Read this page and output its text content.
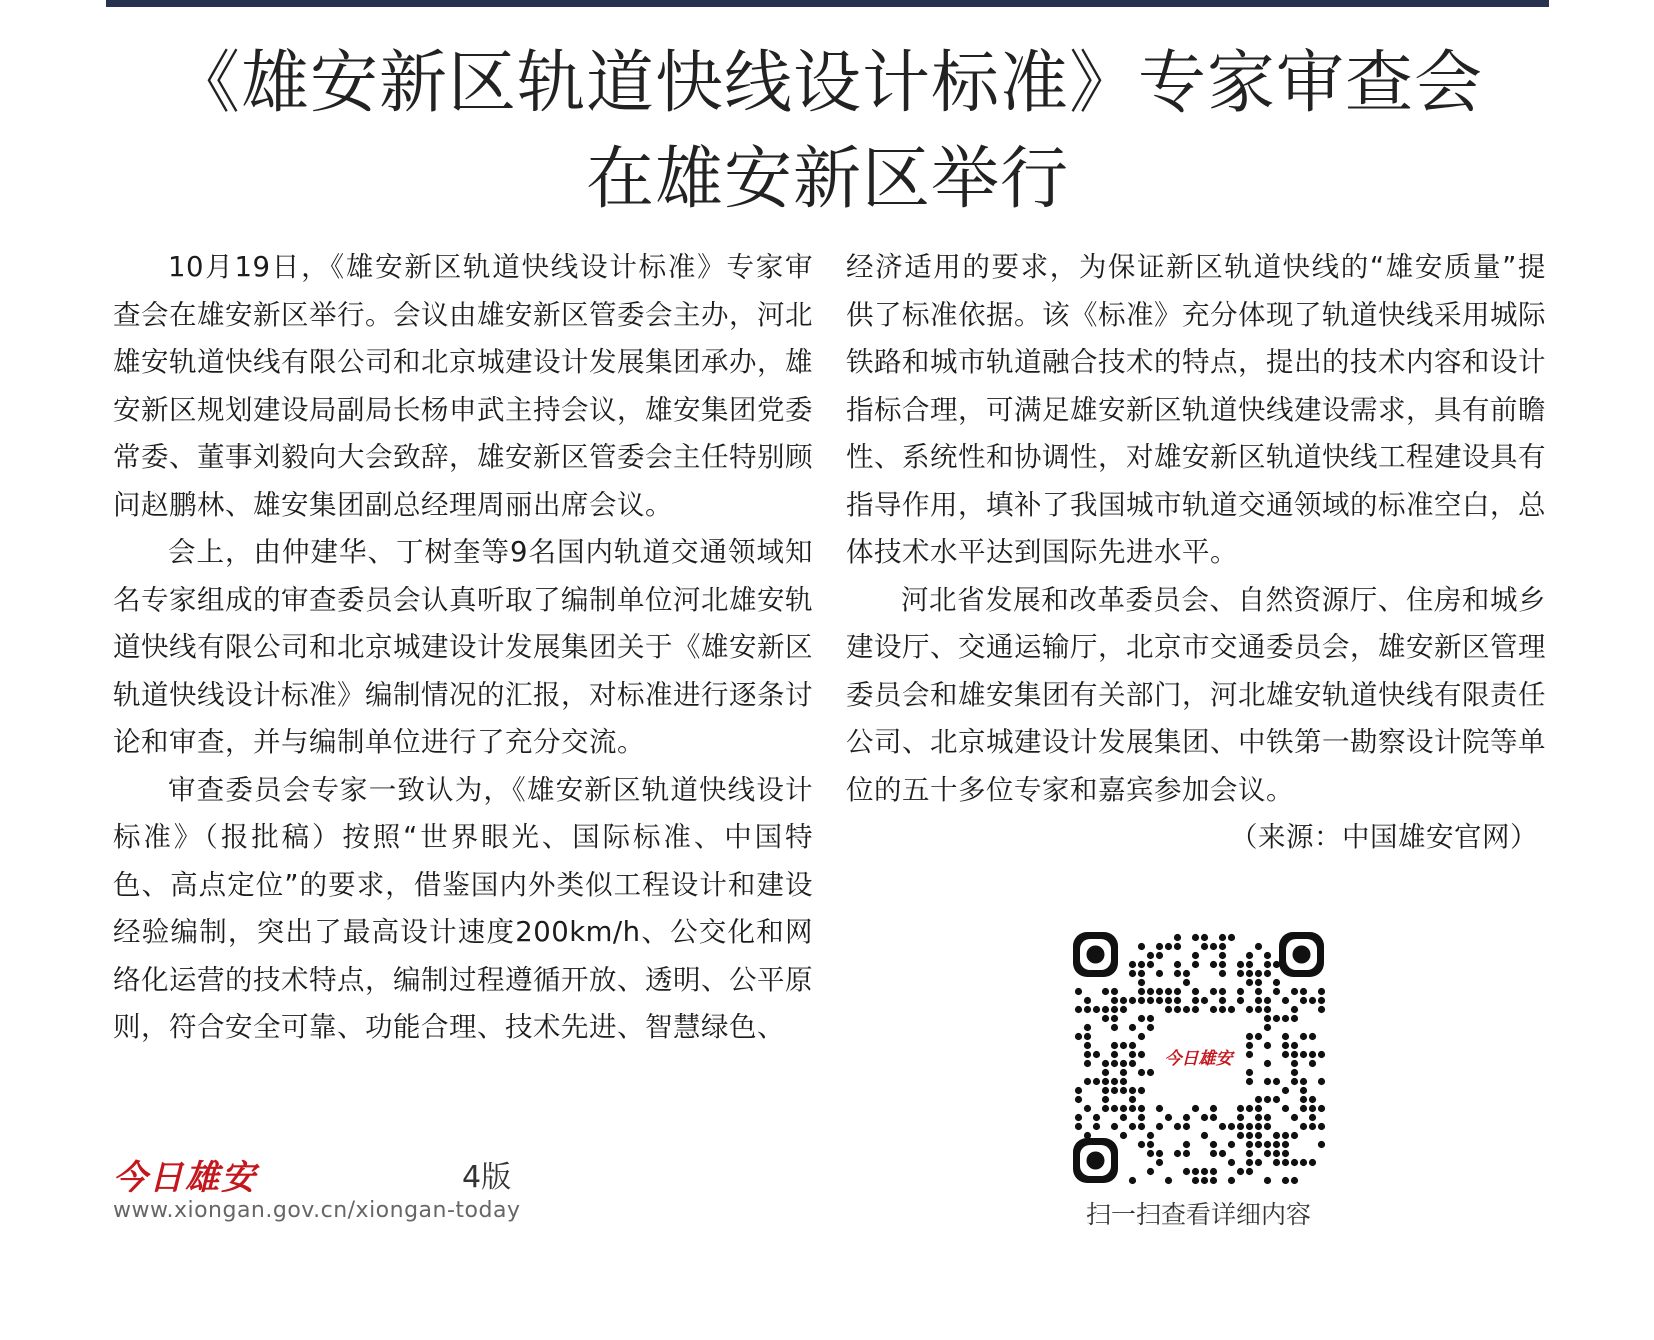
《雄安新区轨道快线设计标准》专家审查会
在雄安新区举行

10月19日，《雄安新区轨道快线设计标准》专家审查会在雄安新区举行。会议由雄安新区管委会主办，河北雄安轨道快线有限公司和北京城建设计发展集团承办，雄安新区规划建设局副局长杨申武主持会议，雄安集团党委常委、董事刘毅向大会致辞，雄安新区管委会主任特别顾问赵鹏林、雄安集团副总经理周丽出席会议。

会上，由仲建华、丁树奎等9名国内轨道交通领域知名专家组成的审查委员会认真听取了编制单位河北雄安轨道快线有限公司和北京城建设计发展集团关于《雄安新区轨道快线设计标准》编制情况的汇报，对标准进行逐条讨论和审查，并与编制单位进行了充分交流。

审查委员会专家一致认为，《雄安新区轨道快线设计标准》（报批稿）按照“世界眼光、国际标准、中国特色、高点定位”的要求，借鉴国内外类似工程设计和建设经验编制，突出了最高设计速度200km/h、公交化和网络化运营的技术特点，编制过程遵循开放、透明、公平原则，符合安全可靠、功能合理、技术先进、智慧绿色、

经济适用的要求，为保证新区轨道快线的“雄安质量”提供了标准依据。该《标准》充分体现了轨道快线采用城际铁路和城市轨道融合技术的特点，提出的技术内容和设计指标合理，可满足雄安新区轨道快线建设需求，具有前瞻性、系统性和协调性，对雄安新区轨道快线工程建设具有指导作用，填补了我国城市轨道交通领域的标准空白，总体技术水平达到国际先进水平。

河北省发展和改革委员会、自然资源厅、住房和城乡建设厅、交通运输厅，北京市交通委员会，雄安新区管理委员会和雄安集团有关部门，河北雄安轨道快线有限责任公司、北京城建设计发展集团、中铁第一勘察设计院等单位的五十多位专家和嘉宾参加会议。

（来源：中国雄安官网）

今日雄安	4版
www.xiongan.gov.cn/xiongan-today
今日雄安
扫一扫查看详细内容
